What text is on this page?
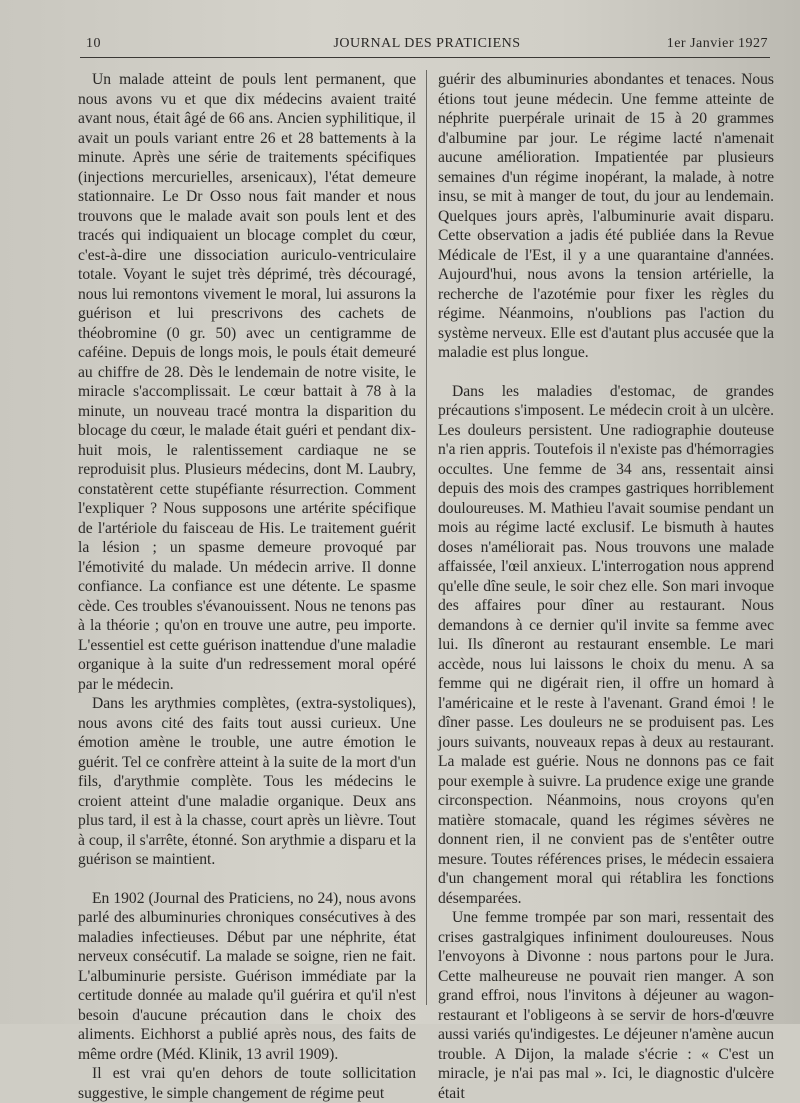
10	JOURNAL DES PRATICIENS	1er Janvier 1927

Un malade atteint de pouls lent permanent, que nous avons vu et que dix médecins avaient traité avant nous, était âgé de 66 ans. Ancien syphilitique, il avait un pouls variant entre 26 et 28 battements à la minute. Après une série de traitements spécifiques (injections mercurielles, arsenicaux), l'état demeure stationnaire. Le Dr Osso nous fait mander et nous trouvons que le malade avait son pouls lent et des tracés qui indiquaient un blocage complet du cœur, c'est-à-dire une dissociation auriculo-ventriculaire totale. Voyant le sujet très déprimé, très découragé, nous lui remontons vivement le moral, lui assurons la guérison et lui prescrivons des cachets de théobromine (0 gr. 50) avec un centigramme de caféine. Depuis de longs mois, le pouls était demeuré au chiffre de 28. Dès le lendemain de notre visite, le miracle s'accomplissait. Le cœur battait à 78 à la minute, un nouveau tracé montra la disparition du blocage du cœur, le malade était guéri et pendant dix-huit mois, le ralentissement cardiaque ne se reproduisit plus. Plusieurs médecins, dont M. Laubry, constatèrent cette stupéfiante résurrection. Comment l'expliquer ? Nous supposons une artérite spécifique de l'artériole du faisceau de His. Le traitement guérit la lésion ; un spasme demeure provoqué par l'émotivité du malade. Un médecin arrive. Il donne confiance. La confiance est une détente. Le spasme cède. Ces troubles s'évanouissent. Nous ne tenons pas à la théorie ; qu'on en trouve une autre, peu importe. L'essentiel est cette guérison inattendue d'une maladie organique à la suite d'un redressement moral opéré par le médecin.

Dans les arythmies complètes, (extra-systoliques), nous avons cité des faits tout aussi curieux. Une émotion amène le trouble, une autre émotion le guérit. Tel ce confrère atteint à la suite de la mort d'un fils, d'arythmie complète. Tous les médecins le croient atteint d'une maladie organique. Deux ans plus tard, il est à la chasse, court après un lièvre. Tout à coup, il s'arrête, étonné. Son arythmie a disparu et la guérison se maintient.

En 1902 (Journal des Praticiens, no 24), nous avons parlé des albuminuries chroniques consécutives à des maladies infectieuses. Début par une néphrite, état nerveux consécutif. La malade se soigne, rien ne fait. L'albuminurie persiste. Guérison immédiate par la certitude donnée au malade qu'il guérira et qu'il n'est besoin d'aucune précaution dans le choix des aliments. Eichhorst a publié après nous, des faits de même ordre (Méd. Klinik, 13 avril 1909).

Il est vrai qu'en dehors de toute sollicitation suggestive, le simple changement de régime peut

guérir des albuminuries abondantes et tenaces. Nous étions tout jeune médecin. Une femme atteinte de néphrite puerpérale urinait de 15 à 20 grammes d'albumine par jour. Le régime lacté n'amenait aucune amélioration. Impatientée par plusieurs semaines d'un régime inopérant, la malade, à notre insu, se mit à manger de tout, du jour au lendemain. Quelques jours après, l'albuminurie avait disparu. Cette observation a jadis été publiée dans la Revue Médicale de l'Est, il y a une quarantaine d'années. Aujourd'hui, nous avons la tension artérielle, la recherche de l'azotémie pour fixer les règles du régime. Néanmoins, n'oublions pas l'action du système nerveux. Elle est d'autant plus accusée que la maladie est plus longue.

Dans les maladies d'estomac, de grandes précautions s'imposent. Le médecin croit à un ulcère. Les douleurs persistent. Une radiographie douteuse n'a rien appris. Toutefois il n'existe pas d'hémorragies occultes. Une femme de 34 ans, ressentait ainsi depuis des mois des crampes gastriques horriblement douloureuses. M. Mathieu l'avait soumise pendant un mois au régime lacté exclusif. Le bismuth à hautes doses n'améliorait pas. Nous trouvons une malade affaissée, l'œil anxieux. L'interrogation nous apprend qu'elle dîne seule, le soir chez elle. Son mari invoque des affaires pour dîner au restaurant. Nous demandons à ce dernier qu'il invite sa femme avec lui. Ils dîneront au restaurant ensemble. Le mari accède, nous lui laissons le choix du menu. A sa femme qui ne digérait rien, il offre un homard à l'américaine et le reste à l'avenant. Grand émoi ! le dîner passe. Les douleurs ne se produisent pas. Les jours suivants, nouveaux repas à deux au restaurant. La malade est guérie. Nous ne donnons pas ce fait pour exemple à suivre. La prudence exige une grande circonspection. Néanmoins, nous croyons qu'en matière stomacale, quand les régimes sévères ne donnent rien, il ne convient pas de s'entêter outre mesure. Toutes références prises, le médecin essaiera d'un changement moral qui rétablira les fonctions désemparées.

Une femme trompée par son mari, ressentait des crises gastralgiques infiniment douloureuses. Nous l'envoyons à Divonne : nous partons pour le Jura. Cette malheureuse ne pouvait rien manger. A son grand effroi, nous l'invitons à déjeuner au wagon-restaurant et l'obligeons à se servir de hors-d'œuvre aussi variés qu'indigestes. Le déjeuner n'amène aucun trouble. A Dijon, la malade s'écrie : « C'est un miracle, je n'ai pas mal ». Ici, le diagnostic d'ulcère était
